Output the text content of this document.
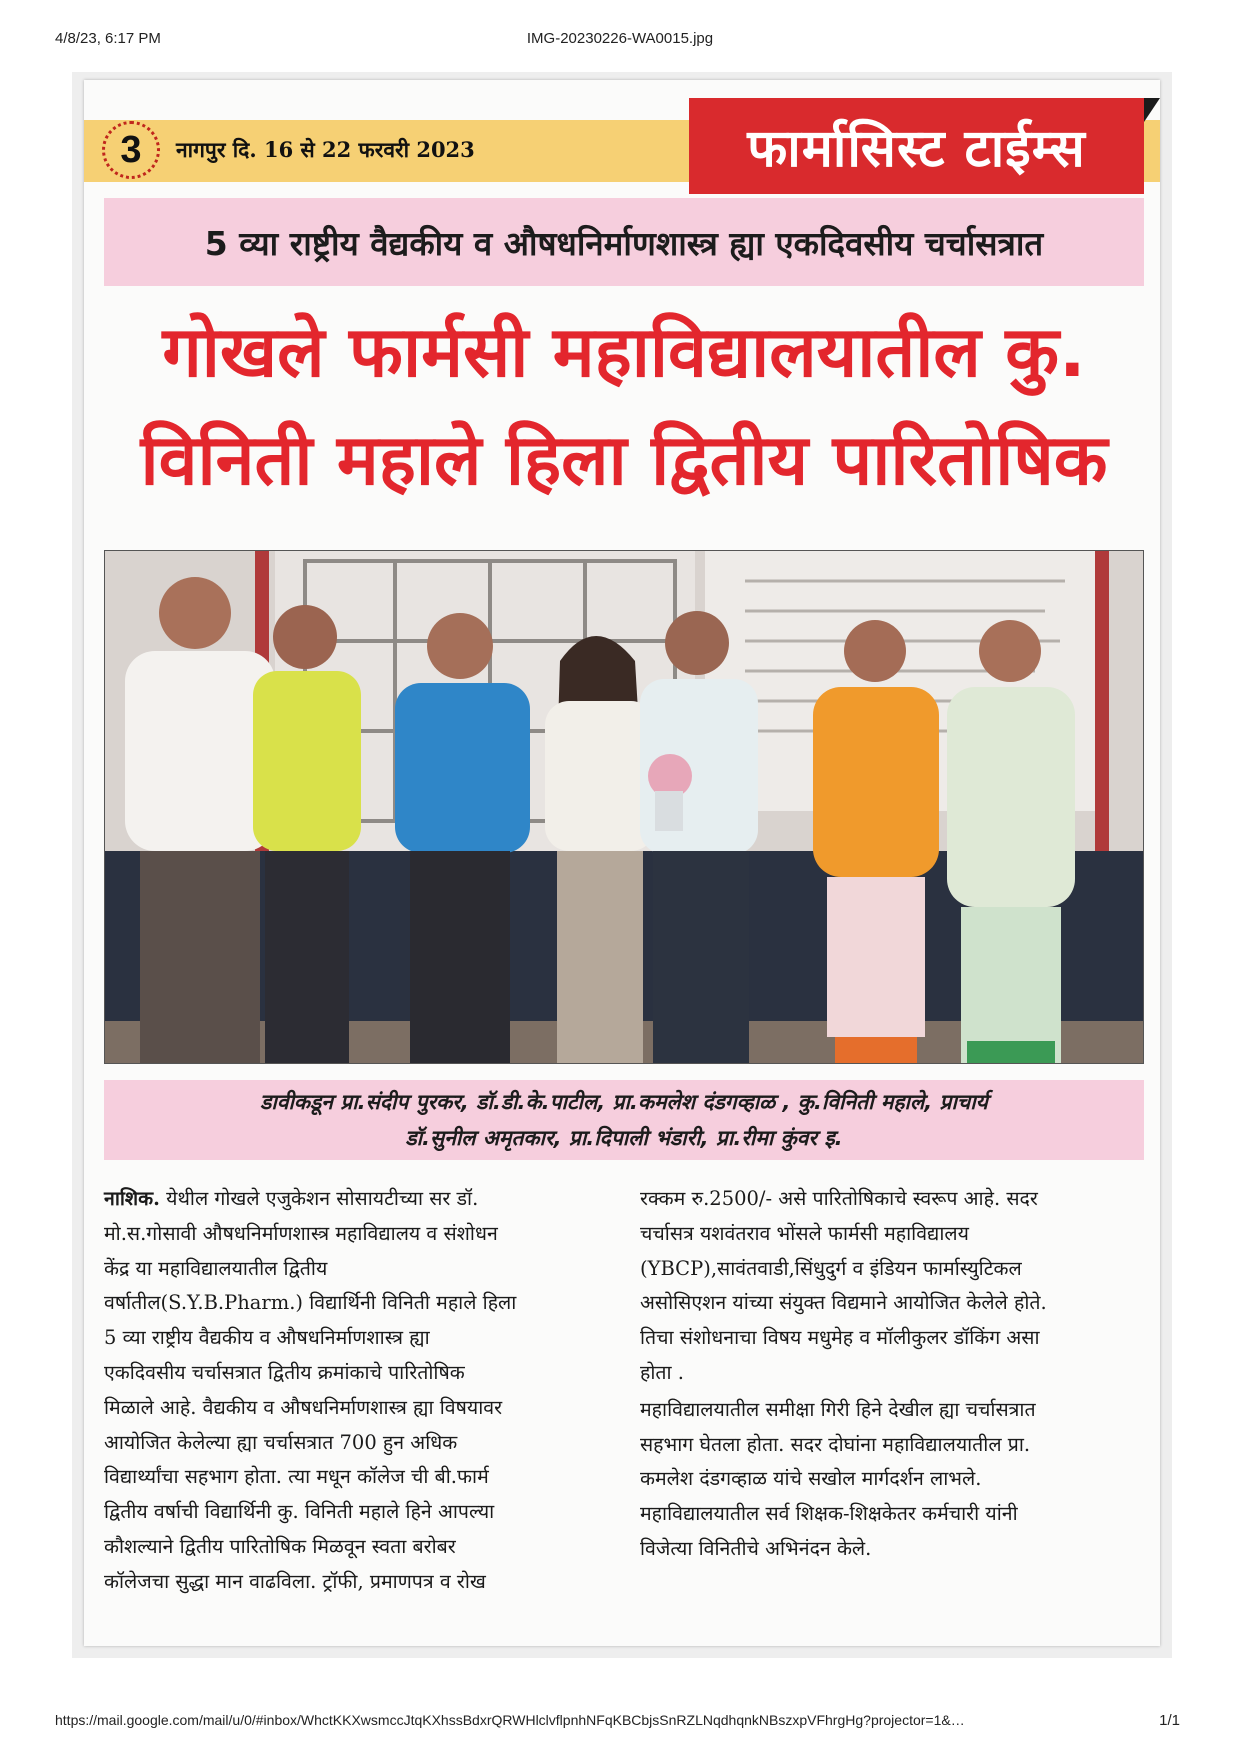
4/8/23, 6:17 PM	IMG-20230226-WA0015.jpg
3	नागपुर दि. 16 से 22 फरवरी 2023	फार्मासिस्ट टाईम्स
5 व्या राष्ट्रीय वैद्यकीय व औषधनिर्माणशास्त्र ह्या एकदिवसीय चर्चासत्रात
गोखले फार्मसी महाविद्यालयातील कु.
विनिती महाले हिला द्वितीय पारितोषिक
डावीकडून प्रा.संदीप पुरकर, डॉ.डी.के.पाटील, प्रा.कमलेश दंडगव्हाळ , कु.विनिती महाले, प्राचार्य
डॉ.सुनील अमृतकार, प्रा.दिपाली भंडारी, प्रा.रीमा कुंवर इ.

नाशिक. येथील गोखले एजुकेशन सोसायटीच्या सर डॉ.

मो.स.गोसावी औषधनिर्माणशास्त्र महाविद्यालय व संशोधन

केंद्र या महाविद्यालयातील द्वितीय

वर्षातील(S.Y.B.Pharm.) विद्यार्थिनी विनिती महाले हिला

5 व्या राष्ट्रीय वैद्यकीय व औषधनिर्माणशास्त्र ह्या

एकदिवसीय चर्चासत्रात द्वितीय क्रमांकाचे पारितोषिक

मिळाले आहे. वैद्यकीय व औषधनिर्माणशास्त्र ह्या विषयावर

आयोजित केलेल्या ह्या चर्चासत्रात 700 हुन अधिक

विद्यार्थ्यांचा सहभाग होता. त्या मधून कॉलेज ची बी.फार्म

द्वितीय वर्षाची विद्यार्थिनी कु. विनिती महाले हिने आपल्या

कौशल्याने द्वितीय पारितोषिक मिळवून स्वता बरोबर

कॉलेजचा सुद्धा मान वाढविला. ट्रॉफी, प्रमाणपत्र व रोख

रक्कम रु.2500/- असे पारितोषिकाचे स्वरूप आहे. सदर

चर्चासत्र यशवंतराव भोंसले फार्मसी महाविद्यालय

(YBCP),सावंतवाडी,सिंधुदुर्ग व इंडियन फार्मास्युटिकल

असोसिएशन यांच्या संयुक्त विद्यमाने आयोजित केलेले होते.

तिचा संशोधनाचा विषय मधुमेह व मॉलीकुलर डॉकिंग असा

होता .

महाविद्यालयातील समीक्षा गिरी हिने देखील ह्या चर्चासत्रात

सहभाग घेतला होता. सदर दोघांना महाविद्यालयातील प्रा.

कमलेश दंडगव्हाळ यांचे सखोल मार्गदर्शन लाभले.

महाविद्यालयातील सर्व शिक्षक-शिक्षकेतर कर्मचारी यांनी

विजेत्या विनितीचे अभिनंदन केले.

https://mail.google.com/mail/u/0/#inbox/WhctKKXwsmccJtqKXhssBdxrQRWHlclvflpnhNFqKBCbjsSnRZLNqdhqnkNBszxpVFhrgHg?projector=1&…	1/1
